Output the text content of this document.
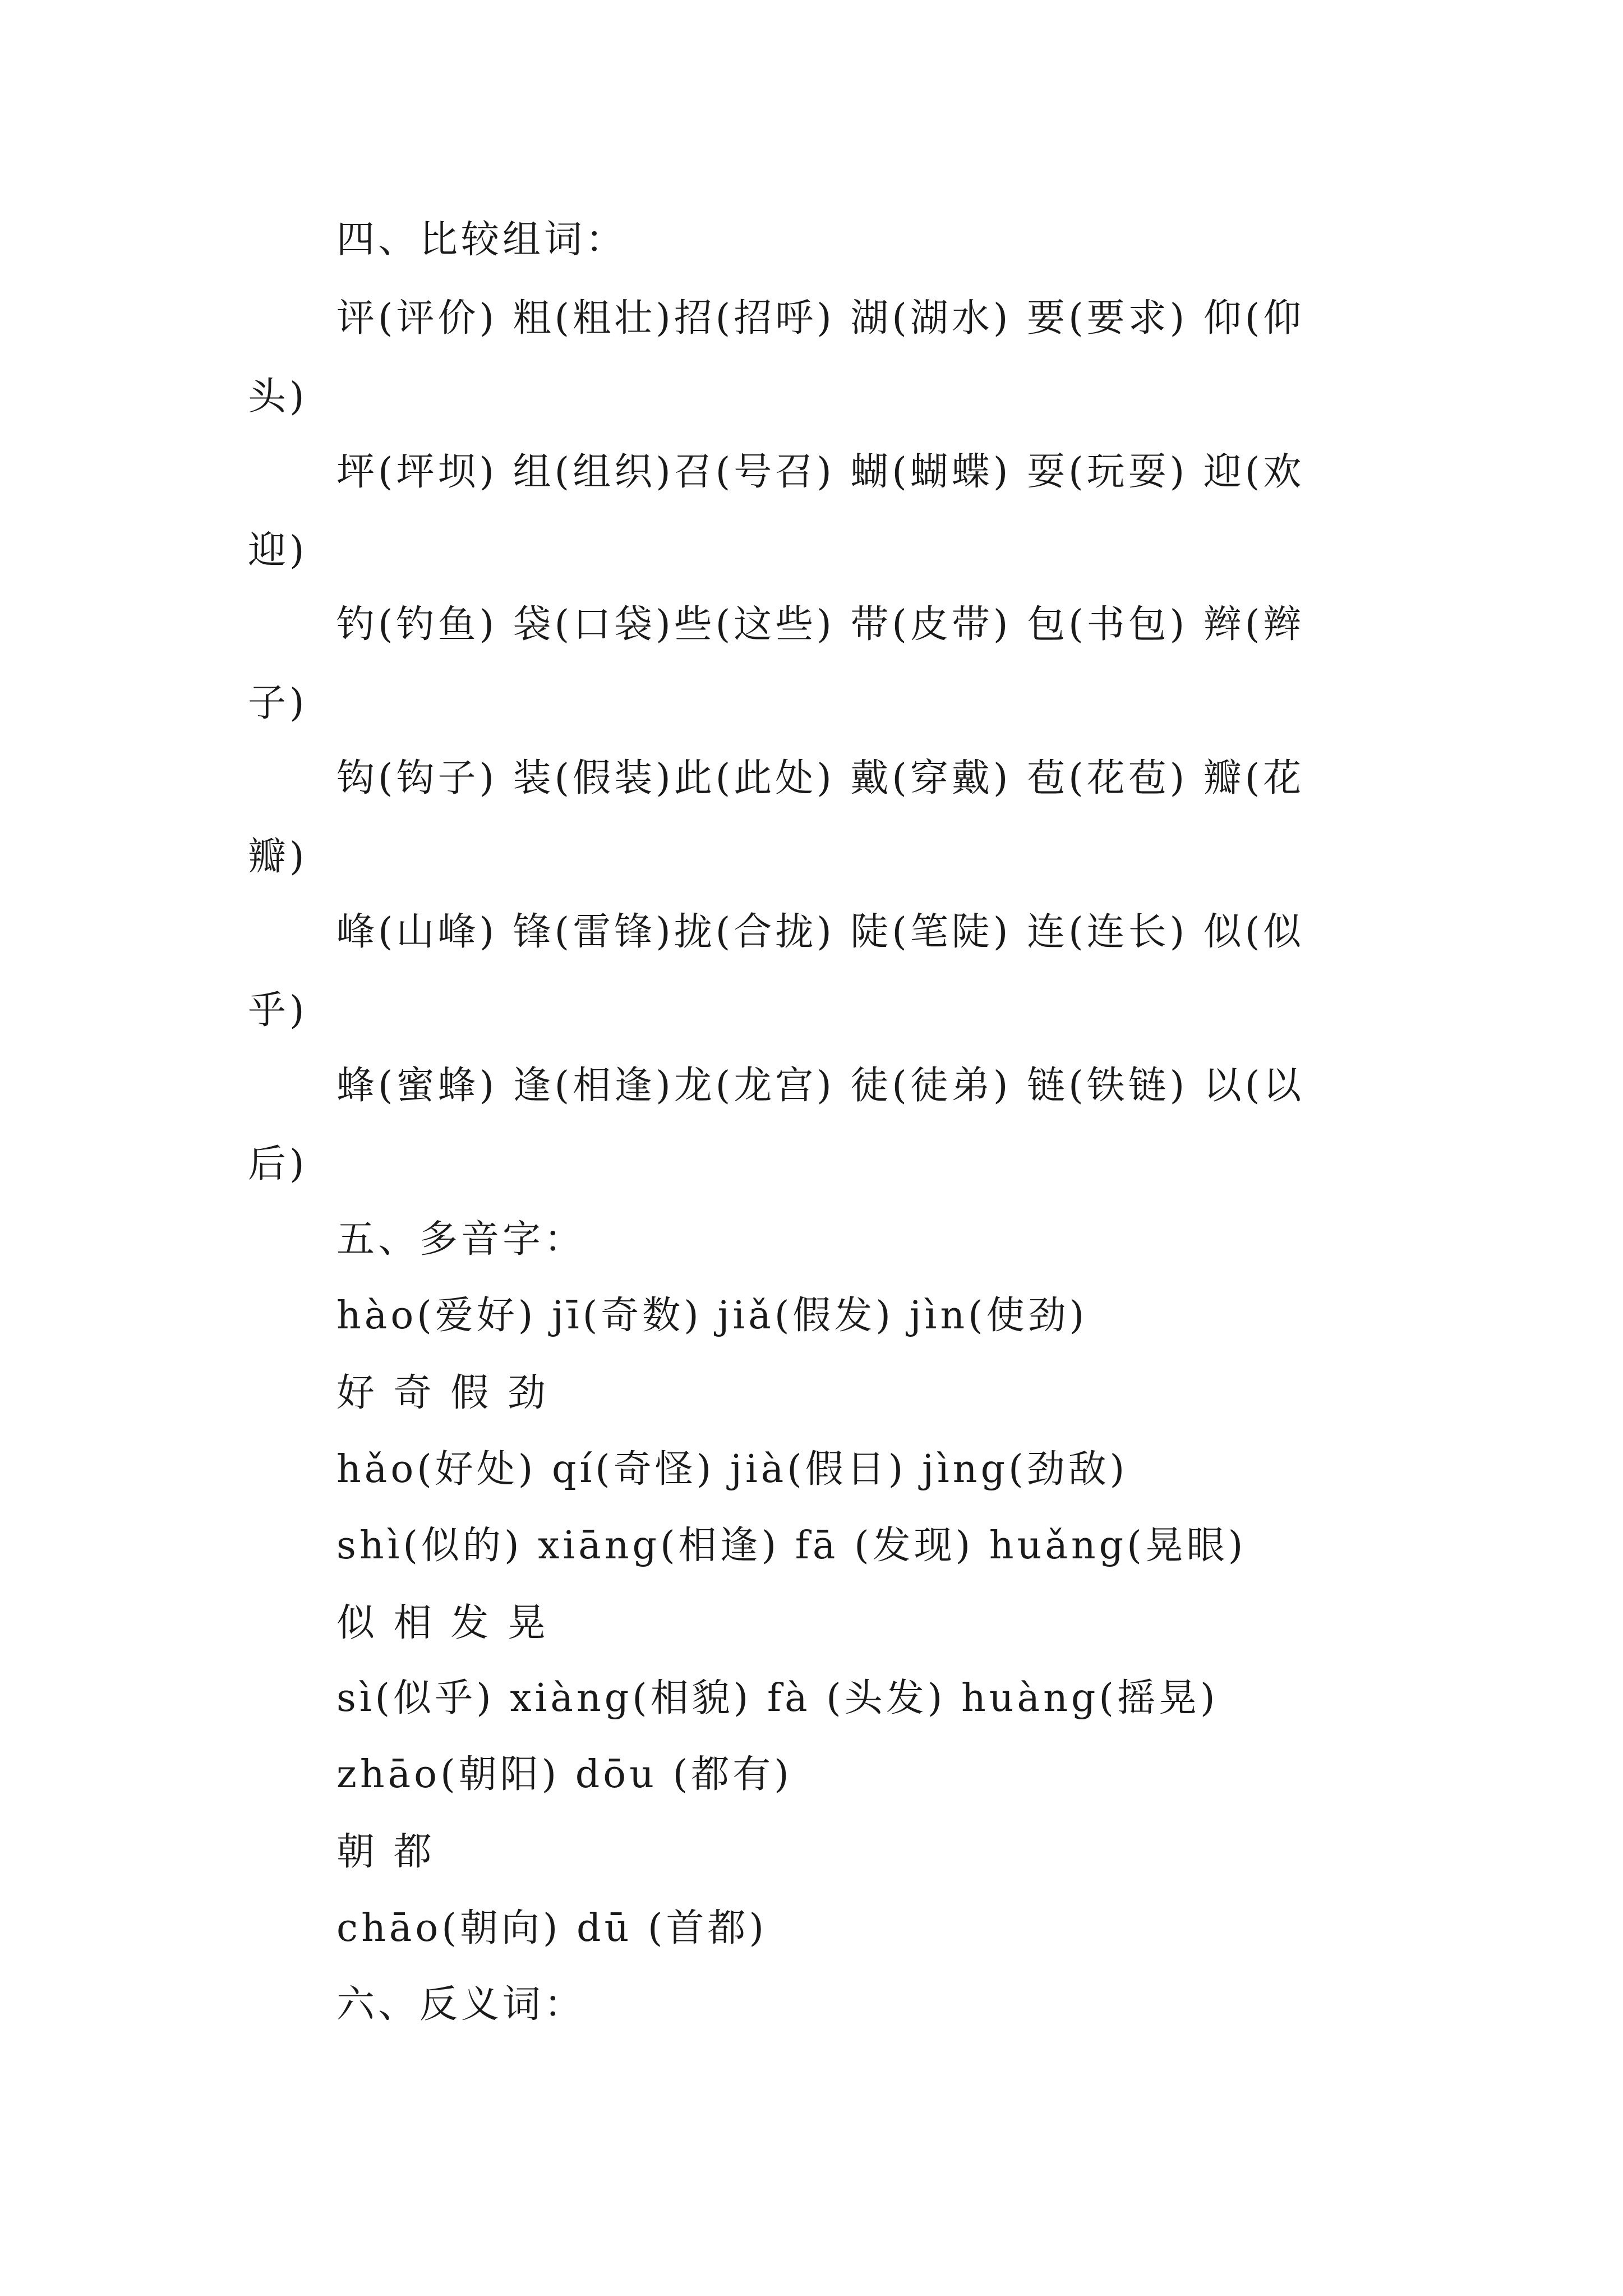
四、比较组词：
评(评价) 粗(粗壮)招(招呼) 湖(湖水) 要(要求) 仰(仰
头)
坪(坪坝) 组(组织)召(号召) 蝴(蝴蝶) 耍(玩耍) 迎(欢
迎)
钓(钓鱼) 袋(口袋)些(这些) 带(皮带) 包(书包) 辫(辫
子)
钩(钩子) 装(假装)此(此处) 戴(穿戴) 苞(花苞) 瓣(花
瓣)
峰(山峰) 锋(雷锋)拢(合拢) 陡(笔陡) 连(连长) 似(似
乎)
蜂(蜜蜂) 逢(相逢)龙(龙宫) 徒(徒弟) 链(铁链) 以(以
后)
五、多音字：
hào(爱好) jī(奇数) jiǎ(假发) jìn(使劲)
好 奇 假 劲
hǎo(好处) qí(奇怪) jià(假日) jìng(劲敌)
shì(似的) xiāng(相逢) fā (发现) huǎng(晃眼)
似 相 发 晃
sì(似乎) xiàng(相貌) fà (头发) huàng(摇晃)
zhāo(朝阳) dōu (都有)
朝 都
chāo(朝向) dū (首都)
六、反义词：
